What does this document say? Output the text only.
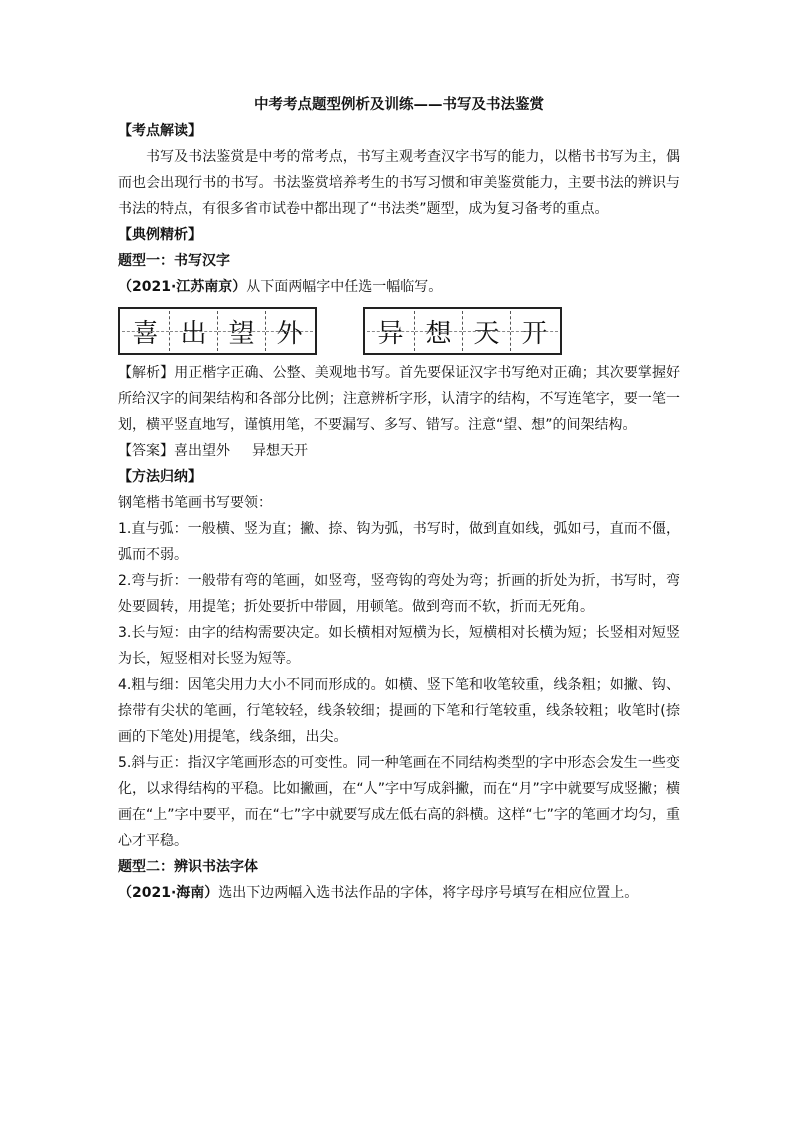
中考考点题型例析及训练——书写及书法鉴赏
【考点解读】
书写及书法鉴赏是中考的常考点，书写主观考查汉字书写的能力，以楷书书写为主，偶而也会出现行书的书写。书法鉴赏培养考生的书写习惯和审美鉴赏能力，主要书法的辨识与书法的特点，有很多省市试卷中都出现了“书法类”题型，成为复习备考的重点。
【典例精析】
题型一：书写汉字
（2021·江苏南京）从下面两幅字中任选一幅临写。
喜 出 望 外	异 想 天 开
【解析】用正楷字正确、公整、美观地书写。首先要保证汉字书写绝对正确；其次要掌握好所给汉字的间架结构和各部分比例；注意辨析字形，认清字的结构，不写连笔字，要一笔一划，横平竖直地写，谨慎用笔，不要漏写、多写、错写。注意“望、想”的间架结构。
【答案】喜出望外 异想天开
【方法归纳】
钢笔楷书笔画书写要领：
1.直与弧：一般横、竖为直；撇、捺、钩为弧，书写时，做到直如线，弧如弓，直而不僵，弧而不弱。
2.弯与折：一般带有弯的笔画，如竖弯，竖弯钩的弯处为弯；折画的折处为折，书写时，弯处要圆转，用提笔；折处要折中带圆，用顿笔。做到弯而不软，折而无死角。
3.长与短：由字的结构需要决定。如长横相对短横为长，短横相对长横为短；长竖相对短竖为长，短竖相对长竖为短等。
4.粗与细：因笔尖用力大小不同而形成的。如横、竖下笔和收笔较重，线条粗；如撇、钩、捺带有尖状的笔画，行笔较轻，线条较细；提画的下笔和行笔较重，线条较粗；收笔时(捺画的下笔处)用提笔，线条细，出尖。
5.斜与正：指汉字笔画形态的可变性。同一种笔画在不同结构类型的字中形态会发生一些变化，以求得结构的平稳。比如撇画，在“人”字中写成斜撇，而在“月”字中就要写成竖撇；横画在“上”字中要平，而在“七”字中就要写成左低右高的斜横。这样“七”字的笔画才均匀，重心才平稳。
题型二：辨识书法字体
（2021·海南）选出下边两幅入选书法作品的字体，将字母序号填写在相应位置上。
